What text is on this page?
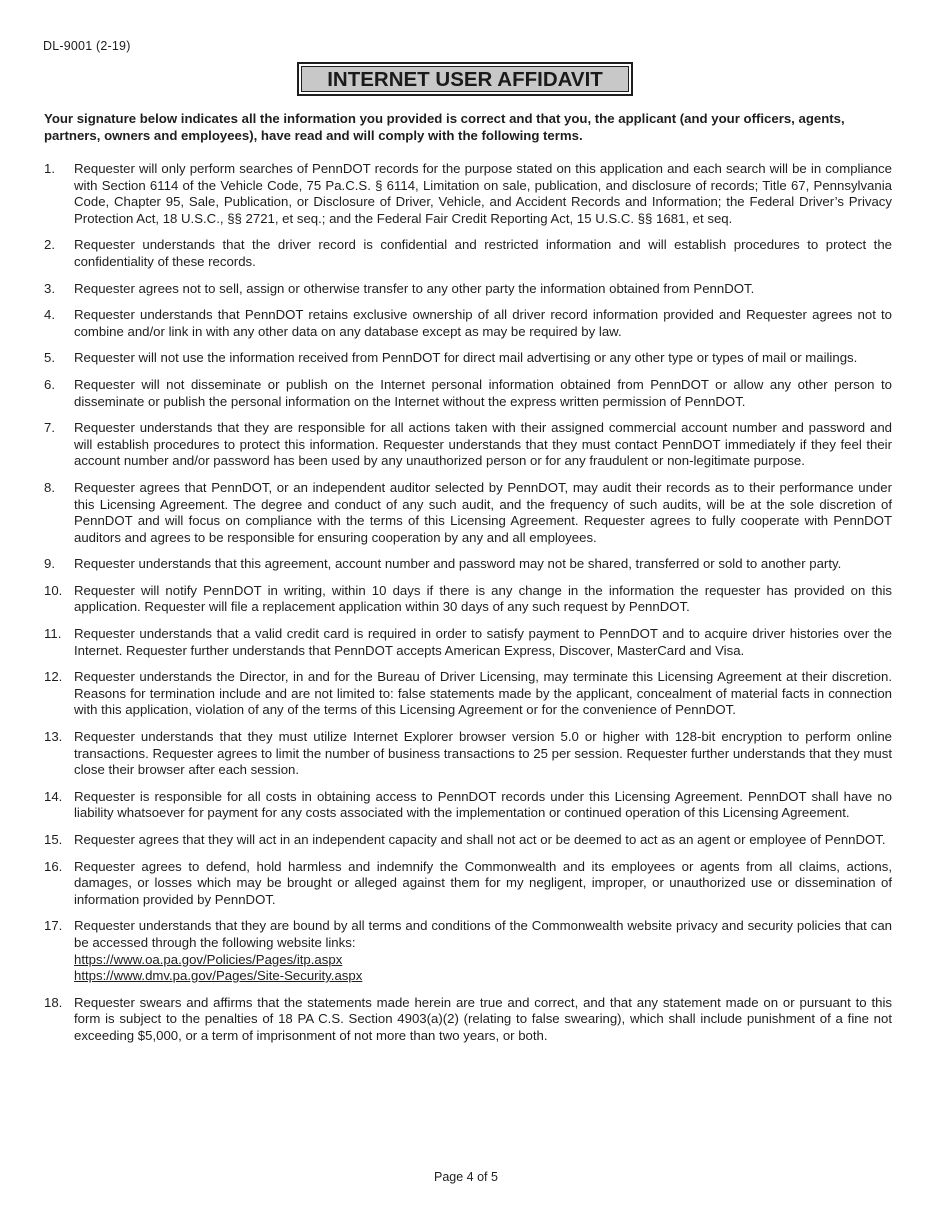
DL-9001 (2-19)
INTERNET USER AFFIDAVIT
Your signature below indicates all the information you provided is correct and that you, the applicant (and your officers, agents, partners, owners and employees), have read and will comply with the following terms.
1.	Requester will only perform searches of PennDOT records for the purpose stated on this application and each search will be in compliance with Section 6114 of the Vehicle Code, 75 Pa.C.S. § 6114, Limitation on sale, publication, and disclosure of records; Title 67, Pennsylvania Code, Chapter 95, Sale, Publication, or Disclosure of Driver, Vehicle, and Accident Records and Information; the Federal Driver’s Privacy Protection Act, 18 U.S.C., §§ 2721, et seq.; and the Federal Fair Credit Reporting Act, 15 U.S.C. §§ 1681, et seq.
2.	Requester understands that the driver record is confidential and restricted information and will establish procedures to protect the confidentiality of these records.
3.	Requester agrees not to sell, assign or otherwise transfer to any other party the information obtained from PennDOT.
4.	Requester understands that PennDOT retains exclusive ownership of all driver record information provided and Requester agrees not to combine and/or link in with any other data on any database except as may be required by law.
5.	Requester will not use the information received from PennDOT for direct mail advertising or any other type or types of mail or mailings.
6.	Requester will not disseminate or publish on the Internet personal information obtained from PennDOT or allow any other person to disseminate or publish the personal information on the Internet without the express written permission of PennDOT.
7.	Requester understands that they are responsible for all actions taken with their assigned commercial account number and password and will establish procedures to protect this information. Requester understands that they must contact PennDOT immediately if they feel their account number and/or password has been used by any unauthorized person or for any fraudulent or non-legitimate purpose.
8.	Requester agrees that PennDOT, or an independent auditor selected by PennDOT, may audit their records as to their performance under this Licensing Agreement. The degree and conduct of any such audit, and the frequency of such audits, will be at the sole discretion of PennDOT and will focus on compliance with the terms of this Licensing Agreement. Requester agrees to fully cooperate with PennDOT auditors and agrees to be responsible for ensuring cooperation by any and all employees.
9.	Requester understands that this agreement, account number and password may not be shared, transferred or sold to another party.
10. Requester will notify PennDOT in writing, within 10 days if there is any change in the information the requester has provided on this application. Requester will file a replacement application within 30 days of any such request by PennDOT.
11. Requester understands that a valid credit card is required in order to satisfy payment to PennDOT and to acquire driver histories over the Internet. Requester further understands that PennDOT accepts American Express, Discover, MasterCard and Visa.
12. Requester understands the Director, in and for the Bureau of Driver Licensing, may terminate this Licensing Agreement at their discretion. Reasons for termination include and are not limited to: false statements made by the applicant, concealment of material facts in connection with this application, violation of any of the terms of this Licensing Agreement or for the convenience of PennDOT.
13. Requester understands that they must utilize Internet Explorer browser version 5.0 or higher with 128-bit encryption to perform online transactions. Requester agrees to limit the number of business transactions to 25 per session. Requester further understands that they must close their browser after each session.
14. Requester is responsible for all costs in obtaining access to PennDOT records under this Licensing Agreement. PennDOT shall have no liability whatsoever for payment for any costs associated with the implementation or continued operation of this Licensing Agreement.
15. Requester agrees that they will act in an independent capacity and shall not act or be deemed to act as an agent or employee of PennDOT.
16. Requester agrees to defend, hold harmless and indemnify the Commonwealth and its employees or agents from all claims, actions, damages, or losses which may be brought or alleged against them for my negligent, improper, or unauthorized use or dissemination of information provided by PennDOT.
17. Requester understands that they are bound by all terms and conditions of the Commonwealth website privacy and security policies that can be accessed through the following website links:
https://www.oa.pa.gov/Policies/Pages/itp.aspx
https://www.dmv.pa.gov/Pages/Site-Security.aspx
18. Requester swears and affirms that the statements made herein are true and correct, and that any statement made on or pursuant to this form is subject to the penalties of 18 PA C.S. Section 4903(a)(2) (relating to false swearing), which shall include punishment of a fine not exceeding $5,000, or a term of imprisonment of not more than two years, or both.
Page 4 of 5
